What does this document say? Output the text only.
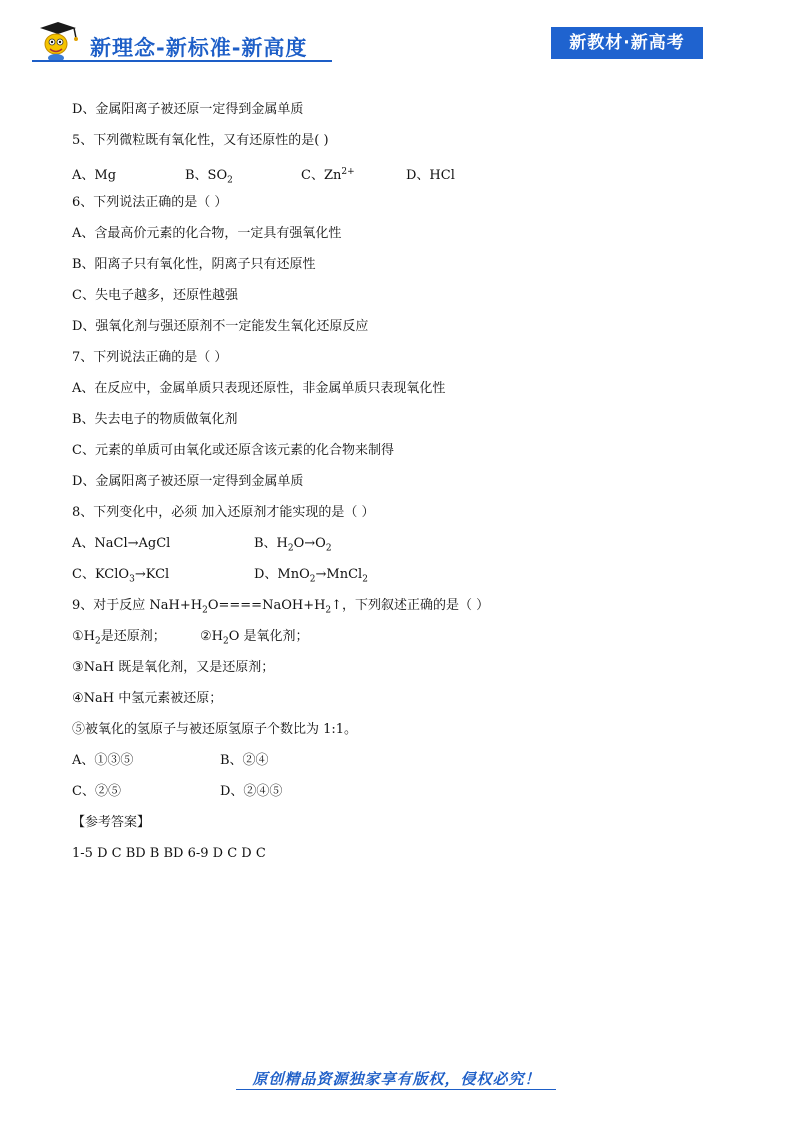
新理念-新标准-新高度	新教材·新高考
D、金属阳离子被还原一定得到金属单质
5、下列微粒既有氧化性，又有还原性的是( )
A、Mg	B、$SO_2$	C、$Zn^{2+}$	D、HCl
6、下列说法正确的是（ ）
A、含最高价元素的化合物，一定具有强氧化性
B、阳离子只有氧化性，阴离子只有还原性
C、失电子越多，还原性越强
D、强氧化剂与强还原剂不一定能发生氧化还原反应
7、下列说法正确的是（ ）
A、在反应中，金属单质只表现还原性，非金属单质只表现氧化性
B、失去电子的物质做氧化剂
C、元素的单质可由氧化或还原含该元素的化合物来制得
D、金属阳离子被还原一定得到金属单质
8、下列变化中，必须 加入还原剂才能实现的是（ ）
A、NaCl→AgCl	B、$H_2O\to O_2$
C、KClO$_3$→KCl	D、MnO$_2$→MnCl$_2$
9、对于反应 $NaH+H_2O====NaOH+H_2↑$，下列叙述正确的是（ ）
$①H_2$是还原剂；	$②H_2O$ 是氧化剂；
③NaH 既是氧化剂，又是还原剂；
④NaH 中氢元素被还原；
⑤被氧化的氢原子与被还原氢原子个数比为 1:1。
A、①③⑤	B、②④
C、②⑤	D、②④⑤
【参考答案】
1-5 D C BD B BD 6-9 D C D C
原创精品资源独家享有版权，侵权必究！
